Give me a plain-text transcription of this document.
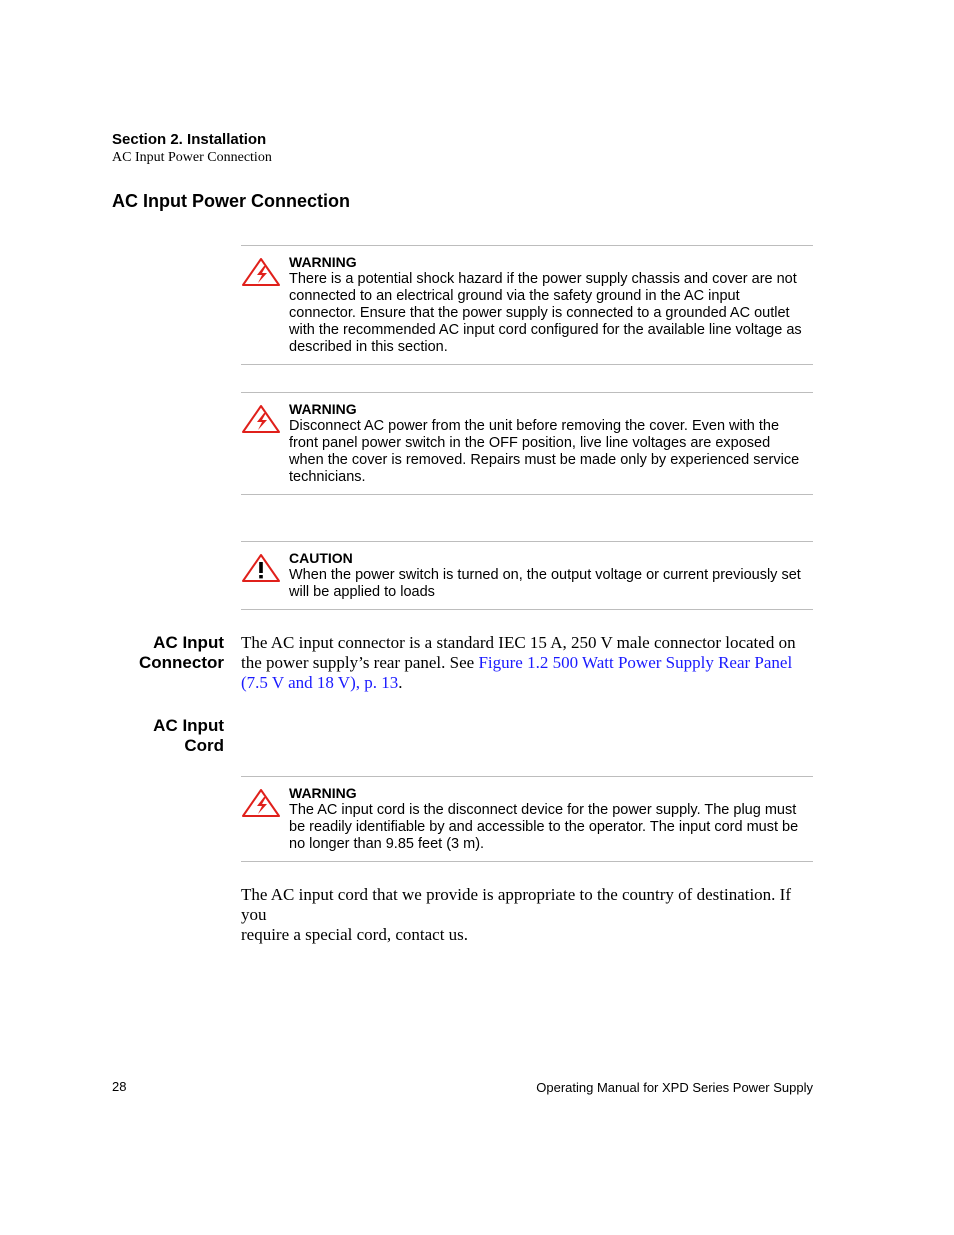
Section 2. Installation
AC Input Power Connection
AC Input Power Connection
WARNING
There is a potential shock hazard if the power supply chassis and cover are not
connected to an electrical ground via the safety ground in the AC input
connector. Ensure that the power supply is connected to a grounded AC outlet
with the recommended AC input cord configured for the available line voltage as
described in this section.
WARNING
Disconnect AC power from the unit before removing the cover. Even with the
front panel power switch in the OFF position, live line voltages are exposed
when the cover is removed. Repairs must be made only by experienced service
technicians.
CAUTION
When the power switch is turned on, the output voltage or current previously set
will be applied to loads
AC Input
Connector
The AC input connector is a standard IEC 15 A, 250 V male connector located on
the power supply’s rear panel. See Figure 1.2 500 Watt Power Supply Rear Panel
(7.5 V and 18 V), p. 13.
AC Input
Cord
WARNING
The AC input cord is the disconnect device for the power supply. The plug must
be readily identifiable by and accessible to the operator. The input cord must be
no longer than 9.85 feet (3 m).
The AC input cord that we provide is appropriate to the country of destination. If you
require a special cord, contact us.
28	Operating Manual for XPD Series Power Supply
